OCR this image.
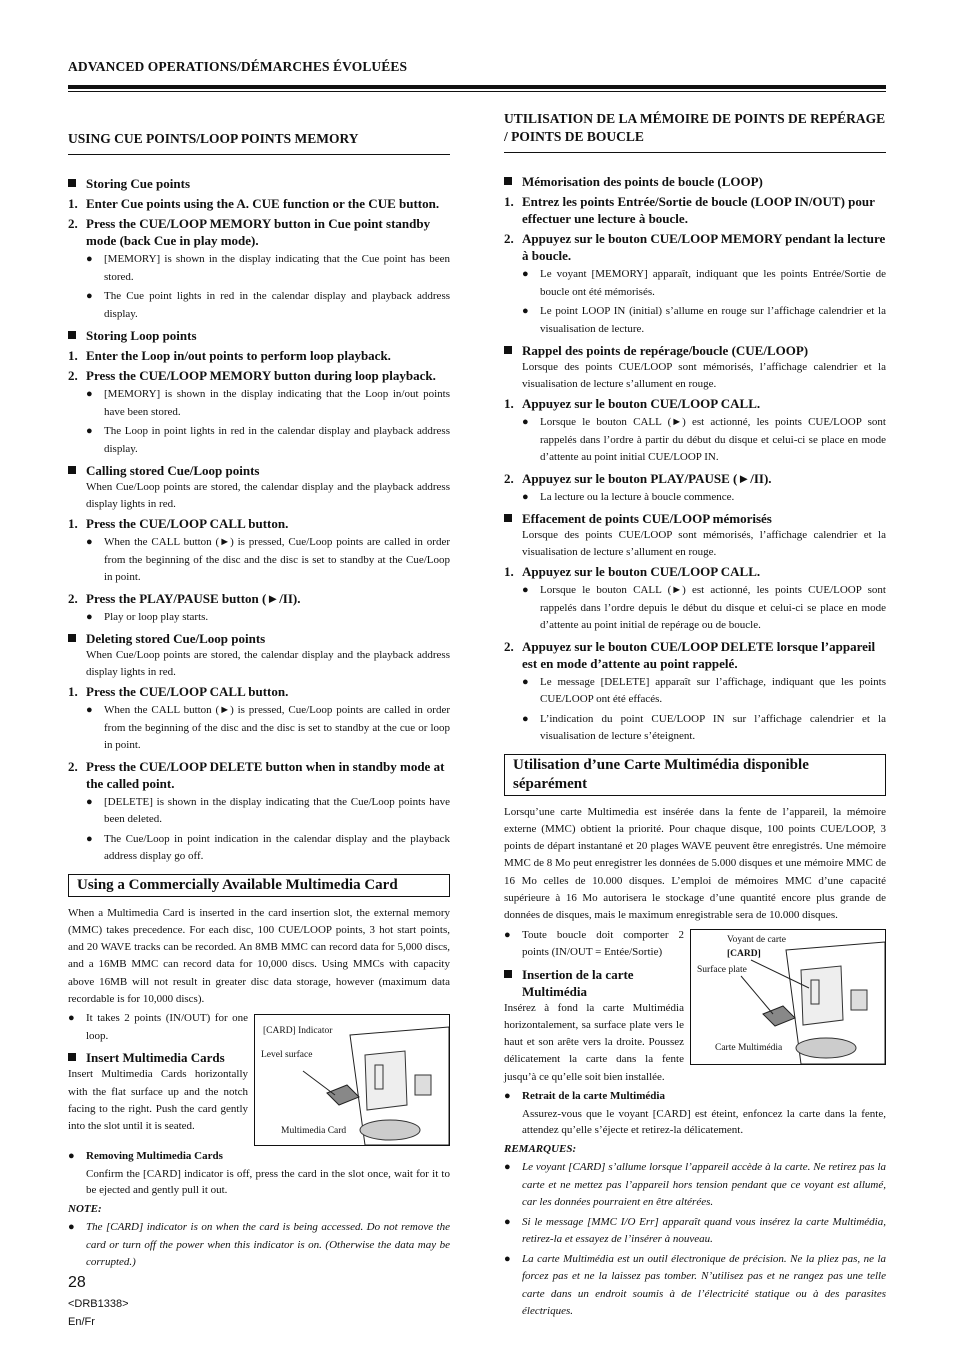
ADVANCED OPERATIONS/DÉMARCHES ÉVOLUÉES
USING CUE POINTS/LOOP POINTS MEMORY
Storing Cue points
1. Enter Cue points using the A. CUE function or the CUE button.
2. Press the CUE/LOOP MEMORY button in Cue point standby mode (back Cue in play mode).
● [MEMORY] is shown in the display indicating that the Cue point has been stored.
● The Cue point lights in red in the calendar display and playback address display.
Storing Loop points
1. Enter the Loop in/out points to perform loop playback.
2. Press the CUE/LOOP MEMORY button during loop playback.
● [MEMORY] is shown in the display indicating that the Loop in/out points have been stored.
● The Loop in point lights in red in the calendar display and playback address display.
Calling stored Cue/Loop points
When Cue/Loop points are stored, the calendar display and the playback address display lights in red.
1. Press the CUE/LOOP CALL button.
● When the CALL button (►) is pressed, Cue/Loop points are called in order from the beginning of the disc and the disc is set to standby at the Cue/Loop in point.
2. Press the PLAY/PAUSE button (►/II).
● Play or loop play starts.
Deleting stored Cue/Loop points
When Cue/Loop points are stored, the calendar display and the playback address display lights in red.
1. Press the CUE/LOOP CALL button.
● When the CALL button (►) is pressed, Cue/Loop points are called in order from the beginning of the disc and the disc is set to standby at the cue or loop in point.
2. Press the CUE/LOOP DELETE button when in standby mode at the called point.
● [DELETE] is shown in the display indicating that the Cue/Loop points have been deleted.
● The Cue/Loop in point indication in the calendar display and the playback address display go off.
Using a Commercially Available Multimedia Card
When a Multimedia Card is inserted in the card insertion slot, the external memory (MMC) takes precedence. For each disc, 100 CUE/LOOP points, 3 hot start points, and 20 WAVE tracks can be recorded. An 8MB MMC can record data for 5,000 discs, and a 16MB MMC can record data for 10,000 discs. Using MMCs with capacity above 16MB will not result in greater disc data storage, however (maximum data recordable is for 10,000 discs).
● It takes 2 points (IN/OUT) for one loop.
Insert Multimedia Cards
Insert Multimedia Cards horizontally with the flat surface up and the notch facing to the right. Push the card gently into the slot until it is seated.
[CARD] Indicator
Level surface
Multimedia Card
● Removing Multimedia Cards
Confirm the [CARD] indicator is off, press the card in the slot once, wait for it to be ejected and gently pull it out.
NOTE:
● The [CARD] indicator is on when the card is being accessed. Do not remove the card or turn off the power when this indicator is on. (Otherwise the data may be corrupted.)
UTILISATION DE LA MÉMOIRE DE POINTS DE REPÉRAGE / POINTS DE BOUCLE
Mémorisation des points de boucle (LOOP)
1. Entrez les points Entrée/Sortie de boucle (LOOP IN/OUT) pour effectuer une lecture à boucle.
2. Appuyez sur le bouton CUE/LOOP MEMORY pendant la lecture à boucle.
● Le voyant [MEMORY] apparaît, indiquant que les points Entrée/Sortie de boucle ont été mémorisés.
● Le point LOOP IN (initial) s’allume en rouge sur l’affichage calendrier et la visualisation de lecture.
Rappel des points de repérage/boucle (CUE/LOOP)
Lorsque des points CUE/LOOP sont mémorisés, l’affichage calendrier et la visualisation de lecture s’allument en rouge.
1. Appuyez sur le bouton CUE/LOOP CALL.
● Lorsque le bouton CALL (►) est actionné, les points CUE/LOOP sont rappelés dans l’ordre à partir du début du disque et celui-ci se place en mode d’attente au point initial CUE/LOOP IN.
2. Appuyez sur le bouton PLAY/PAUSE (►/II).
● La lecture ou la lecture à boucle commence.
Effacement de points CUE/LOOP mémorisés
Lorsque des points CUE/LOOP sont mémorisés, l’affichage calendrier et la visualisation de lecture s’allument en rouge.
1. Appuyez sur le bouton CUE/LOOP CALL.
● Lorsque le bouton CALL (►) est actionné, les points CUE/LOOP sont rappelés dans l’ordre depuis le début du disque et celui-ci se place en mode d’attente au point initial de repérage ou de boucle.
2. Appuyez sur le bouton CUE/LOOP DELETE lorsque l’appareil est en mode d’attente au point rappelé.
● Le message [DELETE] apparaît sur l’affichage, indiquant que les points CUE/LOOP ont été effacés.
● L’indication du point CUE/LOOP IN sur l’affichage calendrier et la visualisation de lecture s’éteignent.
Utilisation d’une Carte Multimédia disponible séparément
Lorsqu’une carte Multimedia est insérée dans la fente de l’appareil, la mémoire externe (MMC) obtient la priorité. Pour chaque disque, 100 points CUE/LOOP, 3 points de départ instantané et 20 plages WAVE peuvent être enregistrés. Une mémoire MMC de 8 Mo peut enregistrer les données de 5.000 disques et une mémoire MMC de 16 Mo celles de 10.000 disques. L’emploi de mémoires MMC d’une capacité supérieure à 16 Mo autorisera le stockage d’une quantité encore plus grande de données de disques, mais le maximum enregistrable sera de 10.000 disques.
● Toute boucle doit comporter 2 points (IN/OUT = Entée/Sortie)
Insertion de la carte Multimédia
Insérez à fond la carte Multimédia horizontalement, sa surface plate vers le haut et son arête vers la droite. Poussez délicatement la carte dans la fente jusqu’à ce qu’elle soit bien installée.
Voyant de carte
[CARD]
Surface plate
Carte Multimédia
● Retrait de la carte Multimédia
Assurez-vous que le voyant [CARD] est éteint, enfoncez la carte dans la fente, attendez qu’elle s’éjecte et retirez-la délicatement.
REMARQUES:
● Le voyant [CARD] s’allume lorsque l’appareil accède à la carte. Ne retirez pas la carte et ne mettez pas l’appareil hors tension pendant que ce voyant est allumé, car les données pourraient en être altérées.
● Si le message [MMC I/O Err] apparaît quand vous insérez la carte Multimédia, retirez-la et essayez de l’insérer à nouveau.
● La carte Multimédia est un outil électronique de précision. Ne la pliez pas, ne la forcez pas et ne la laissez pas tomber. N’utilisez pas et ne rangez pas une telle carte dans un endroit soumis à de l’électricité statique ou à des parasites électriques.
28
<DRB1338>
En/Fr
